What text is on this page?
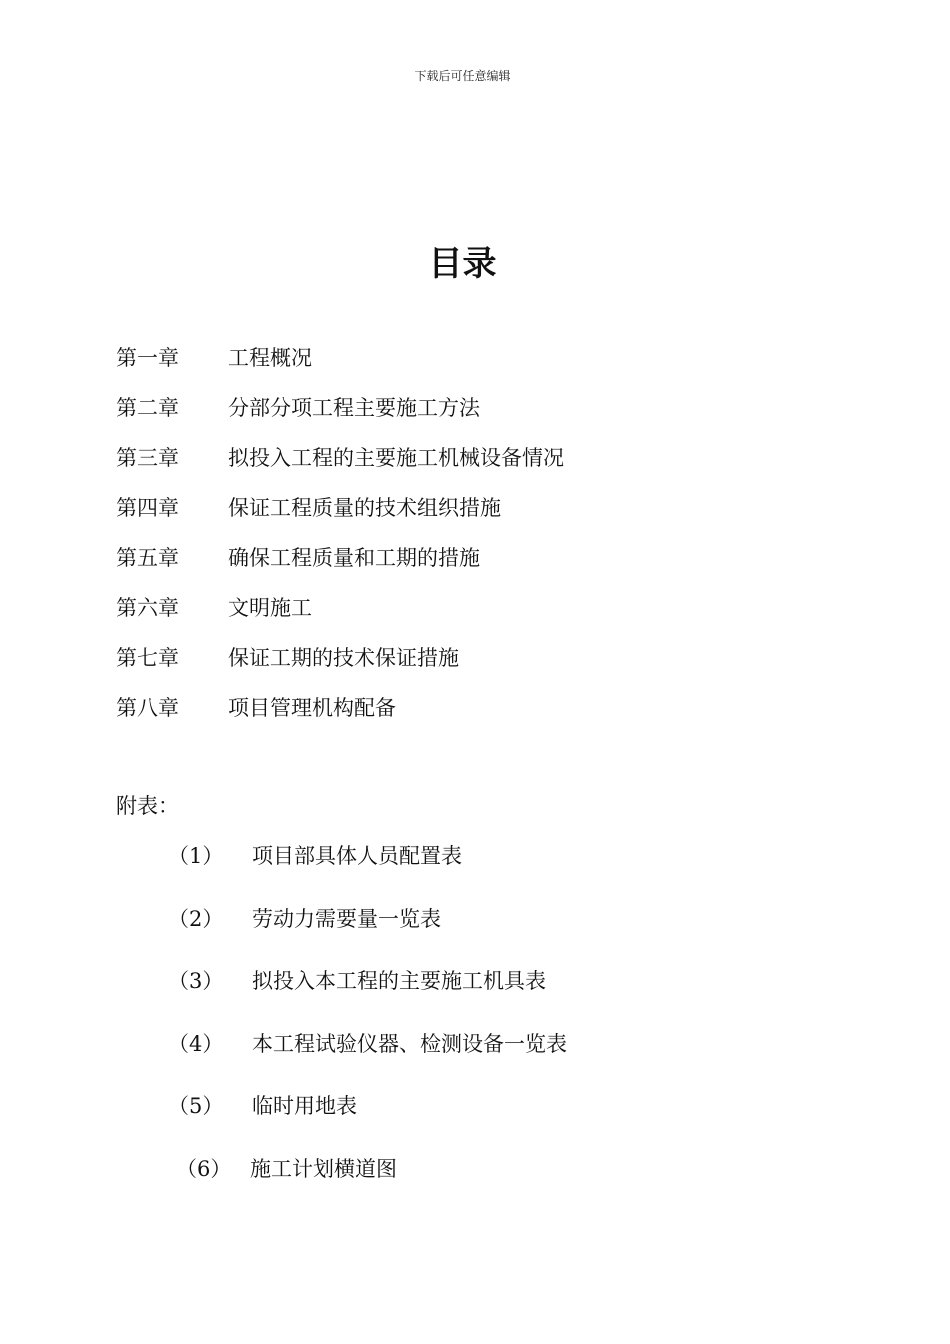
下载后可任意编辑
目录
第一章 工程概况
第二章 分部分项工程主要施工方法
第三章 拟投入工程的主要施工机械设备情况
第四章 保证工程质量的技术组织措施
第五章 确保工程质量和工期的措施
第六章 文明施工
第七章 保证工期的技术保证措施
第八章 项目管理机构配备

附表：

（1） 项目部具体人员配置表
（2） 劳动力需要量一览表
（3） 拟投入本工程的主要施工机具表
（4） 本工程试验仪器、检测设备一览表
（5） 临时用地表
（6） 施工计划横道图
